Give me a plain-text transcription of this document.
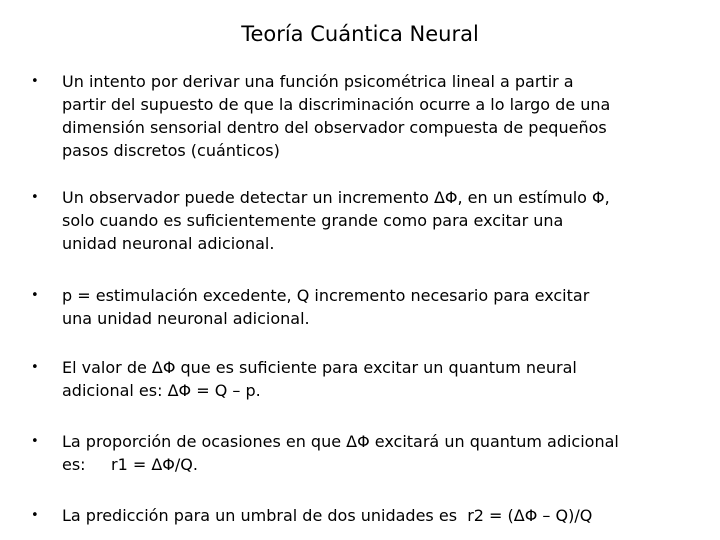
Teoría Cuántica Neural
• Un intento por derivar una función psicométrica lineal a partir a
partir del supuesto de que la discriminación ocurre a lo largo de una
dimensión sensorial dentro del observador compuesta de pequeños
pasos discretos (cuánticos)
• Un observador puede detectar un incremento ΔΦ, en un estímulo Φ,
solo cuando es suficientemente grande como para excitar una
unidad neuronal adicional.
• p = estimulación excedente, Q incremento necesario para excitar
una unidad neuronal adicional.
• El valor de ΔΦ que es suficiente para excitar un quantum neural
adicional es: ΔΦ = Q – p.
• La proporción de ocasiones en que ΔΦ excitará un quantum adicional
es:     r1 = ΔΦ/Q.
• La predicción para un umbral de dos unidades es  r2 = (ΔΦ – Q)/Q
